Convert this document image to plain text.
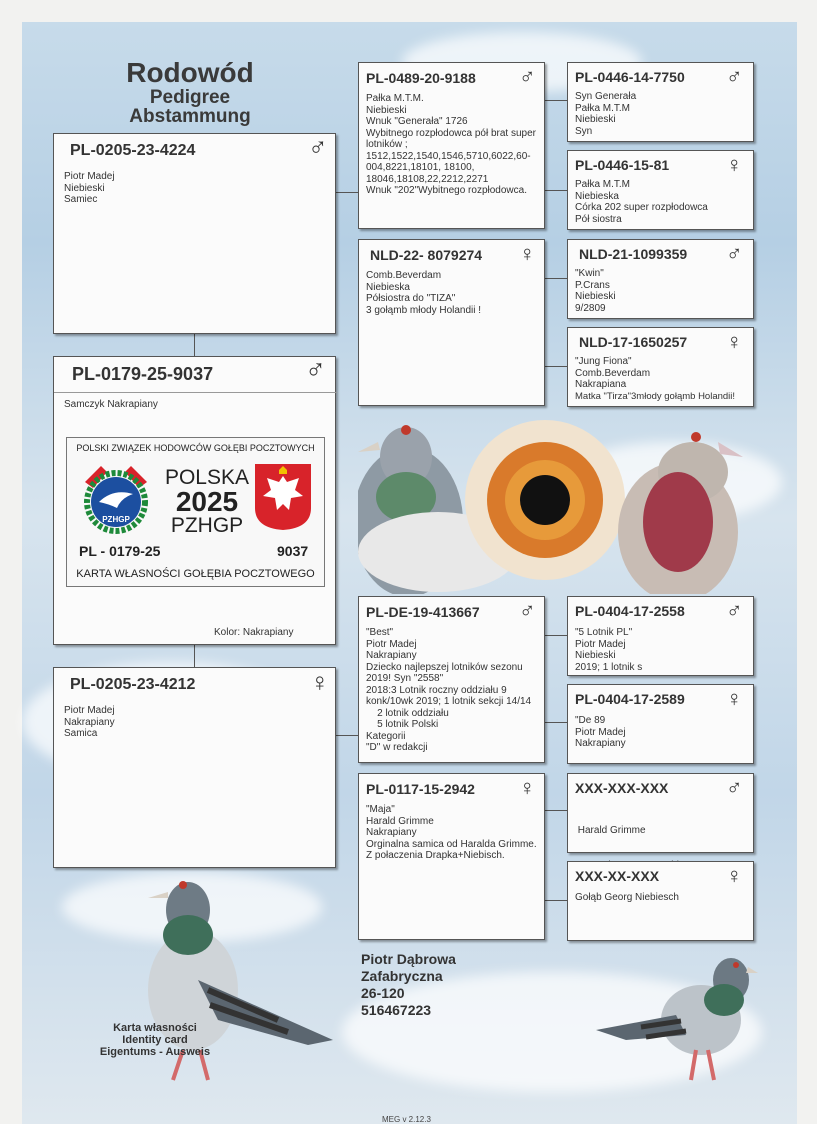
Rodowód
Pedigree
Abstammung
PL-0205-23-4224	♂
Piotr Madej
Niebieski
Samiec
PL-0179-25-9037	♂
Samczyk Nakrapiany
Kolor: Nakrapiany
POLSKI ZWIĄZEK HODOWCÓW GOŁĘBI POCZTOWYCH
PZHGP
POLSKA
2025
PZHGP
PL - 0179-25	9037
KARTA WŁASNOŚCI GOŁĘBIA POCZTOWEGO
PL-0205-23-4212	♀
Piotr Madej
Nakrapiany
Samica
PL-0489-20-9188 ♂
Pałka M.T.M.
Niebieski
Wnuk "Generała" 1726
Wybitnego rozpłodowca pół brat super
lotników ;
1512,1522,1540,1546,5710,6022,60-
004,8221,18101, 18100,
18046,18108,22,2212,2271
Wnuk "202"Wybitnego rozpłodowca.
NLD-22- 8079274 ♀
Comb.Beverdam
Niebieska
Półsiostra do "TIZA"
3 gołąmb młody Holandii !
PL-DE-19-413667 ♂
"Best"
Piotr Madej
Nakrapiany
Dziecko najlepszej lotników sezonu
2019! Syn "2558"
2018:3 Lotnik roczny oddziału 9
konk/10wk 2019; 1 lotnik sekcji 14/14
2 lotnik oddziału
5 lotnik Polski
Kategorii
"D" w redakcji
PL-0117-15-2942 ♀
"Maja"
Harald Grimme
Nakrapiany
Orginalna samica od Haralda Grimme.
Z połaczenia Drapka+Niebisch.
PL-0446-14-7750 ♂
Syn Generała
Pałka M.T.M
Niebieski
Syn
PL-0446-15-81	♀
Pałka M.T.M
Niebieska
Córka 202 super rozpłodowca
Pół siostra
NLD-21-1099359 ♂
"Kwin"
P.Crans
Niebieski
9/2809
NLD-17-1650257 ♀
"Jung Fiona"
Comb.Beverdam
Nakrapiana
Matka "Tirza"3młody gołąmb Holandii!
PL-0404-17-2558 ♂
"5 Lotnik PL"
Piotr Madej
Niebieski
2019; 1 lotnik s
PL-0404-17-2589 ♀
"De 89
Piotr Madej
Nakrapiany
XXX-XXX-XXX	♂

Harald Grimme

XXX-XX-XXX	♀
Gołąb Georg Niebiesch
Piotr Dąbrowa
Zafabryczna
26-120
516467223
Karta własności
Identity card
Eigentums - Ausweis
MEG v 2.12.3
